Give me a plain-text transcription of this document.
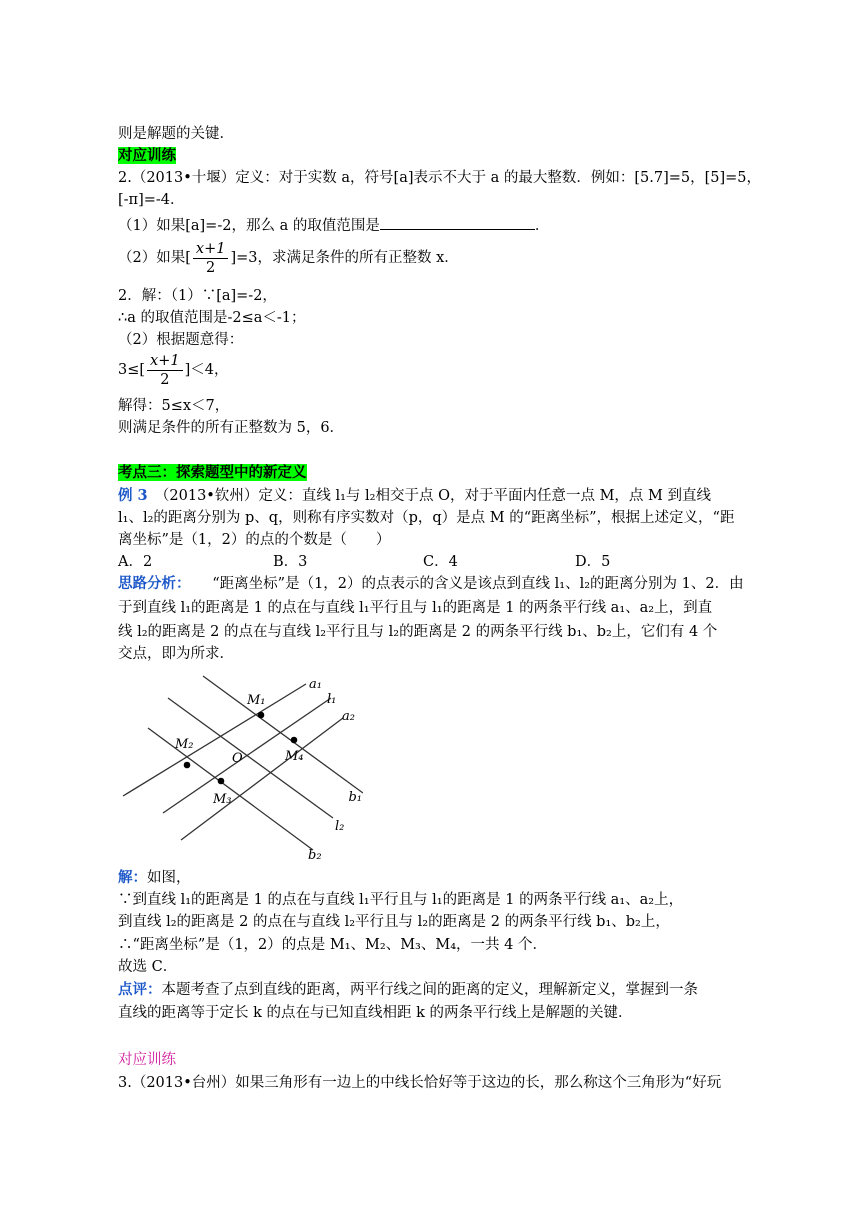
则是解题的关键．
对应训练
2.（2013•十堰）定义：对于实数 a，符号[a]表示不大于 a 的最大整数．例如：[5.7]=5，[5]=5，
[-π]=-4．
（1）如果[a]=-2，那么 a 的取值范围是	．
（2）如果[ $\frac{x+1}{2} ]=3$，求满足条件的所有正整数 x．
2．解：（1）∵[a]=-2，
∴a 的取值范围是-2≤a＜-1；
（2）根据题意得：
$3\le[ \frac{x+1}{2} ]<4$，
解得：5≤x＜7，
则满足条件的所有正整数为 5，6．
考点三：探索题型中的新定义
例 3　（2013•钦州）定义：直线 l₁与 l₂相交于点 O，对于平面内任意一点 M，点 M 到直线
l₁、l₂的距离分别为 p、q，则称有序实数对（p，q）是点 M 的“距离坐标”，根据上述定义，“距
离坐标”是（1，2）的点的个数是（　　）
A．2	B．3	C．4	D．5
思路分析：　　“距离坐标”是（1，2）的点表示的含义是该点到直线 l₁、l₂的距离分别为 1、2．由
于到直线 l₁的距离是 1 的点在与直线 l₁平行且与 l₁的距离是 1 的两条平行线 a₁、a₂上，到直
线 l₂的距离是 2 的点在与直线 l₂平行且与 l₂的距离是 2 的两条平行线 b₁、b₂上，它们有 4 个
交点，即为所求．
a₁
l₁
a₂
b₁
l₂
b₂
M₁
M₂
M₃
M₄
O
解：如图，
∵到直线 l₁的距离是 1 的点在与直线 l₁平行且与 l₁的距离是 1 的两条平行线 a₁、a₂上，
到直线 l₂的距离是 2 的点在与直线 l₂平行且与 l₂的距离是 2 的两条平行线 b₁、b₂上，
∴“距离坐标”是（1，2）的点是 M₁、M₂、M₃、M₄，一共 4 个．
故选 C．
点评：本题考查了点到直线的距离，两平行线之间的距离的定义，理解新定义，掌握到一条
直线的距离等于定长 k 的点在与已知直线相距 k 的两条平行线上是解题的关键．
对应训练
3.（2013•台州）如果三角形有一边上的中线长恰好等于这边的长，那么称这个三角形为“好玩
